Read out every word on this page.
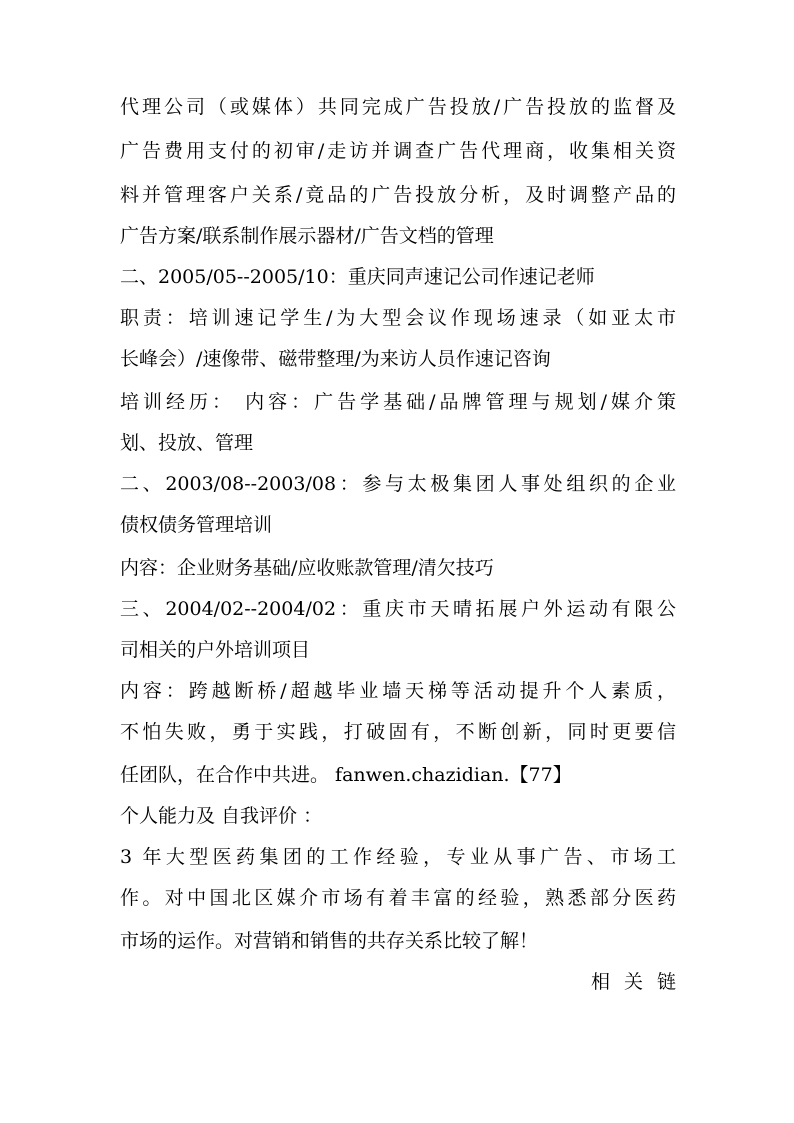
代理公司（或媒体）共同完成广告投放/广告投放的监督及
广告费用支付的初审/走访并调查广告代理商，收集相关资
料并管理客户关系/竟品的广告投放分析，及时调整产品的
广告方案/联系制作展示器材/广告文档的管理
二、2005/05--2005/10：重庆同声速记公司作速记老师
职责：培训速记学生/为大型会议作现场速录（如亚太市
长峰会）/速像带、磁带整理/为来访人员作速记咨询
培训经历： 内容：广告学基础/品牌管理与规划/媒介策
划、投放、管理
二、2003/08--2003/08：参与太极集团人事处组织的企业
债权债务管理培训
内容：企业财务基础/应收账款管理/清欠技巧
三、2004/02--2004/02：重庆市天晴拓展户外运动有限公
司相关的户外培训项目
内容：跨越断桥/超越毕业墙天梯等活动提升个人素质，
不怕失败，勇于实践，打破固有，不断创新，同时更要信
任团队，在合作中共进。 fanwen.chazidian.【77】
个人能力及 自我评价 ：
3 年大型医药集团的工作经验，专业从事广告、市场工
作。对中国北区媒介市场有着丰富的经验，熟悉部分医药
市场的运作。对营销和销售的共存关系比较了解！
相关链
